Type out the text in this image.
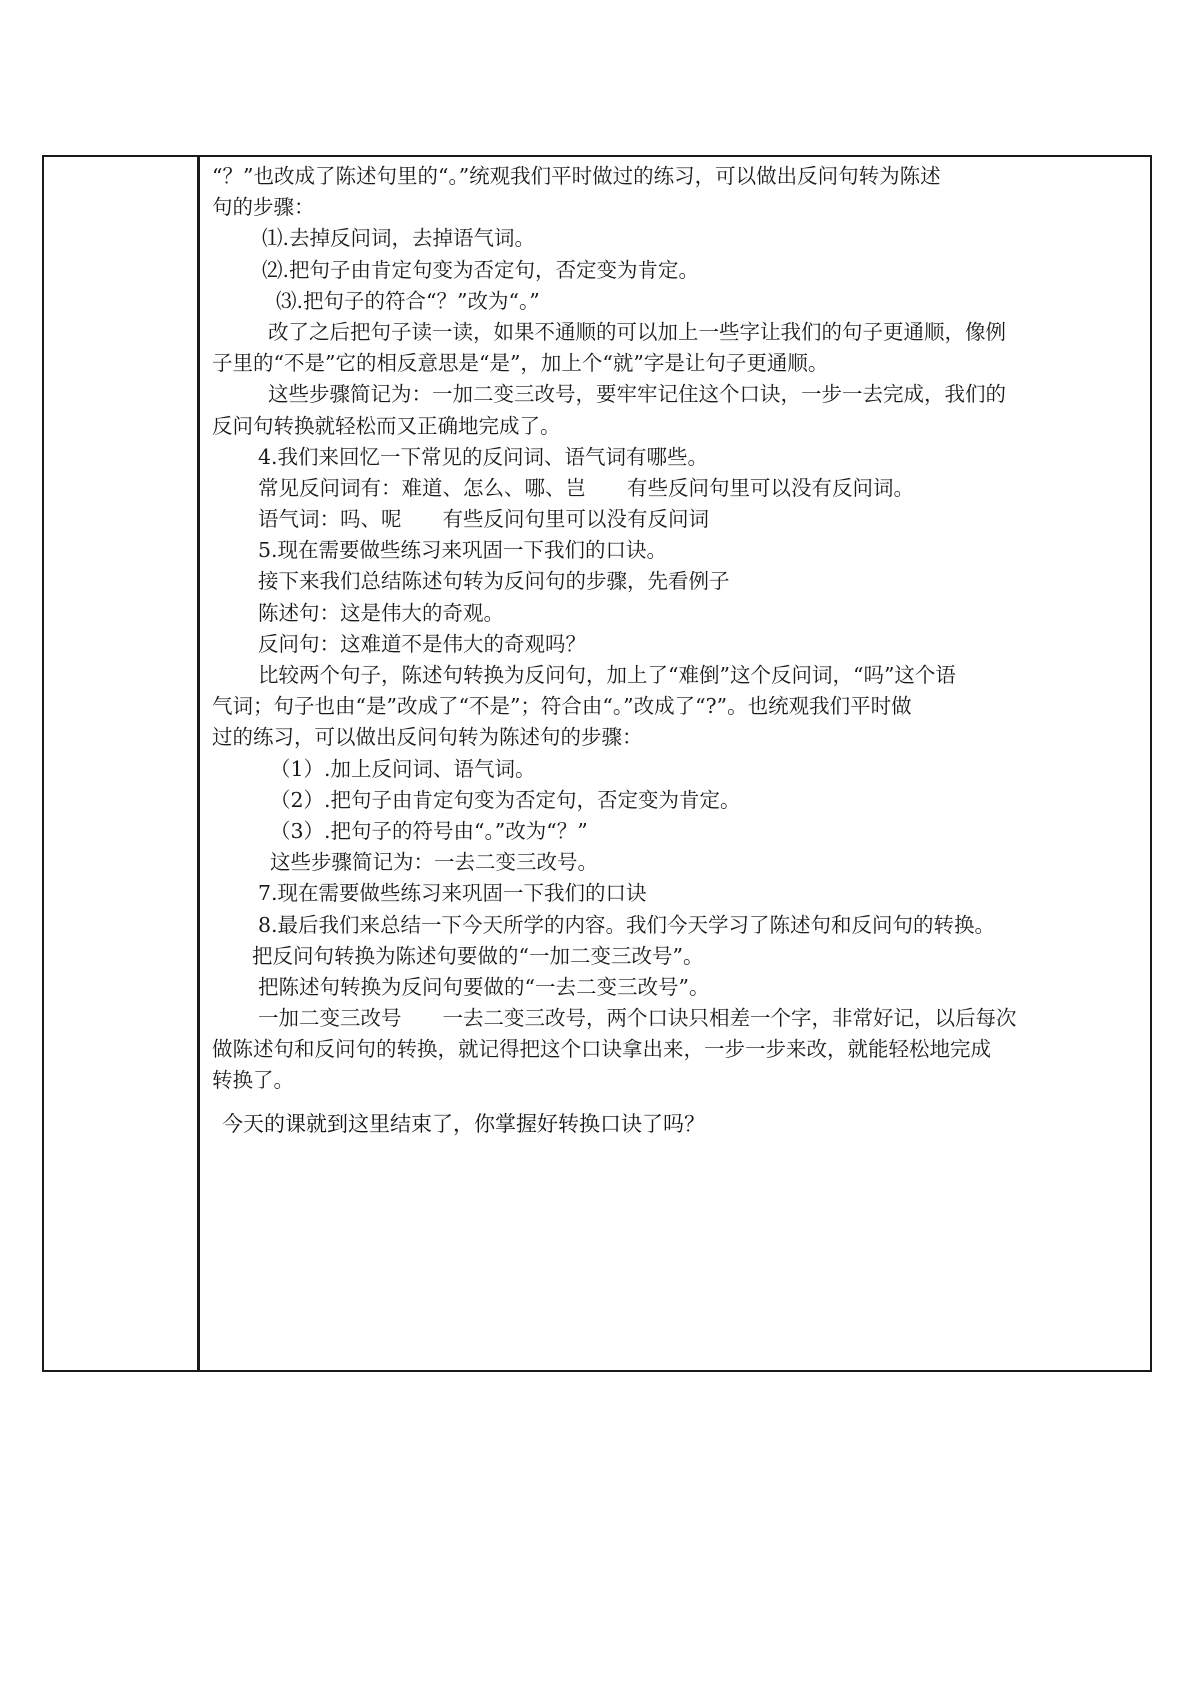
“？”也改成了陈述句里的“。”统观我们平时做过的练习，可以做出反问句转为陈述
句的步骤：
⑴.去掉反问词，去掉语气词。
⑵.把句子由肯定句变为否定句，否定变为肯定。
⑶.把句子的符合“？”改为“。”
改了之后把句子读一读，如果不通顺的可以加上一些字让我们的句子更通顺，像例
子里的“不是”它的相反意思是“是”，加上个“就”字是让句子更通顺。
这些步骤简记为：一加二变三改号，要牢牢记住这个口诀，一步一去完成，我们的
反问句转换就轻松而又正确地完成了。
4.我们来回忆一下常见的反问词、语气词有哪些。
常见反问词有：难道、怎么、哪、岂　　有些反问句里可以没有反问词。
语气词：吗、呢　　有些反问句里可以没有反问词
5.现在需要做些练习来巩固一下我们的口诀。
接下来我们总结陈述句转为反问句的步骤，先看例子
陈述句：这是伟大的奇观。
反问句：这难道不是伟大的奇观吗？
比较两个句子，陈述句转换为反问句，加上了“难倒”这个反问词，“吗”这个语
气词；句子也由“是”改成了“不是”；符合由“。”改成了“?”。也统观我们平时做
过的练习，可以做出反问句转为陈述句的步骤：
（1）.加上反问词、语气词。
（2）.把句子由肯定句变为否定句，否定变为肯定。
（3）.把句子的符号由“。”改为“？”
这些步骤简记为：一去二变三改号。
7.现在需要做些练习来巩固一下我们的口诀
8.最后我们来总结一下今天所学的内容。我们今天学习了陈述句和反问句的转换。
把反问句转换为陈述句要做的“一加二变三改号”。
把陈述句转换为反问句要做的“一去二变三改号”。
一加二变三改号　　一去二变三改号，两个口诀只相差一个字，非常好记，以后每次
做陈述句和反问句的转换，就记得把这个口诀拿出来，一步一步来改，就能轻松地完成
转换了。
今天的课就到这里结束了，你掌握好转换口诀了吗？
